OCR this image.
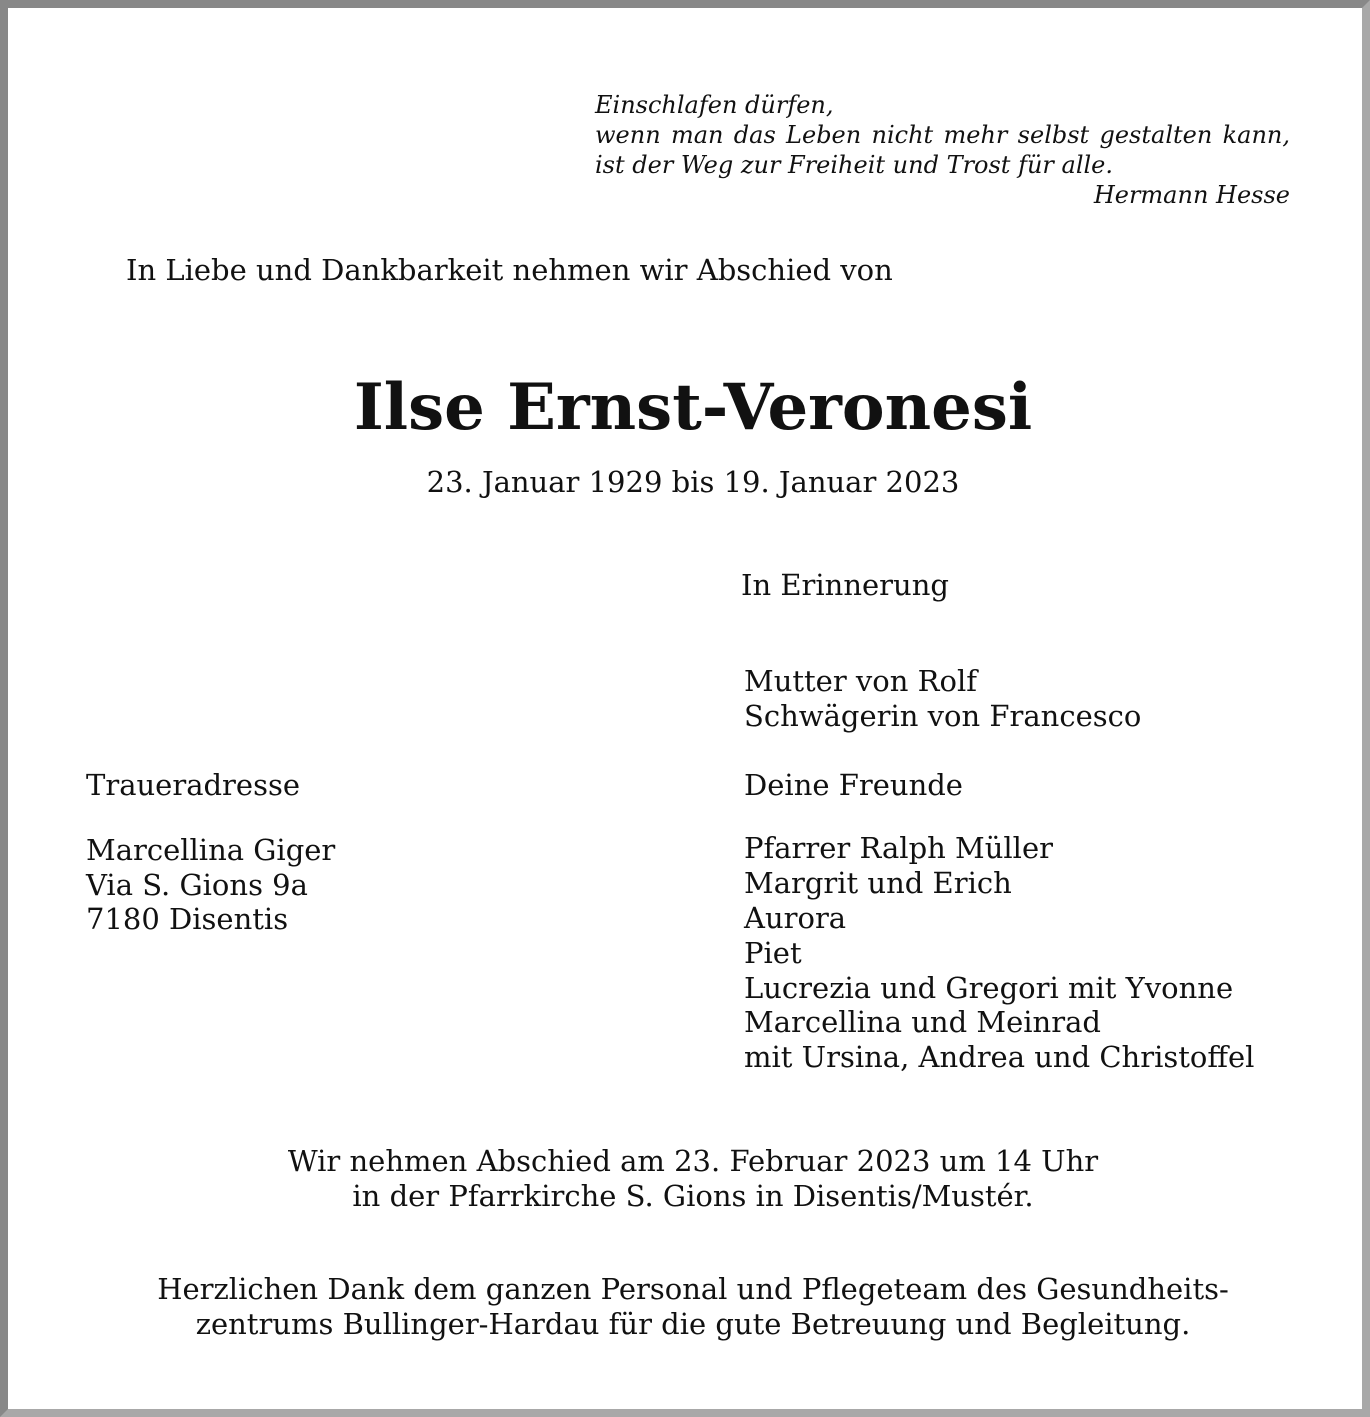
Einschlafen dürfen,
wenn man das Leben nicht mehr selbst gestalten kann,
ist der Weg zur Freiheit und Trost für alle.
Hermann Hesse

In Liebe und Dankbarkeit nehmen wir Abschied von

Ilse Ernst-Veronesi

23. Januar 1929 bis 19. Januar 2023

In Erinnerung

Mutter von Rolf
Schwägerin von Francesco
Deine Freunde
Pfarrer Ralph Müller
Margrit und Erich
Aurora
Piet
Lucrezia und Gregori mit Yvonne
Marcellina und Meinrad
mit Ursina, Andrea und Christoffel
Traueradresse
Marcellina Giger
Via S. Gions 9a
7180 Disentis
Wir nehmen Abschied am 23. Februar 2023 um 14 Uhr
in der Pfarrkirche S. Gions in Disentis/Mustér.
Herzlichen Dank dem ganzen Personal und Pflegeteam des Gesundheits-
zentrums Bullinger-Hardau für die gute Betreuung und Begleitung.
